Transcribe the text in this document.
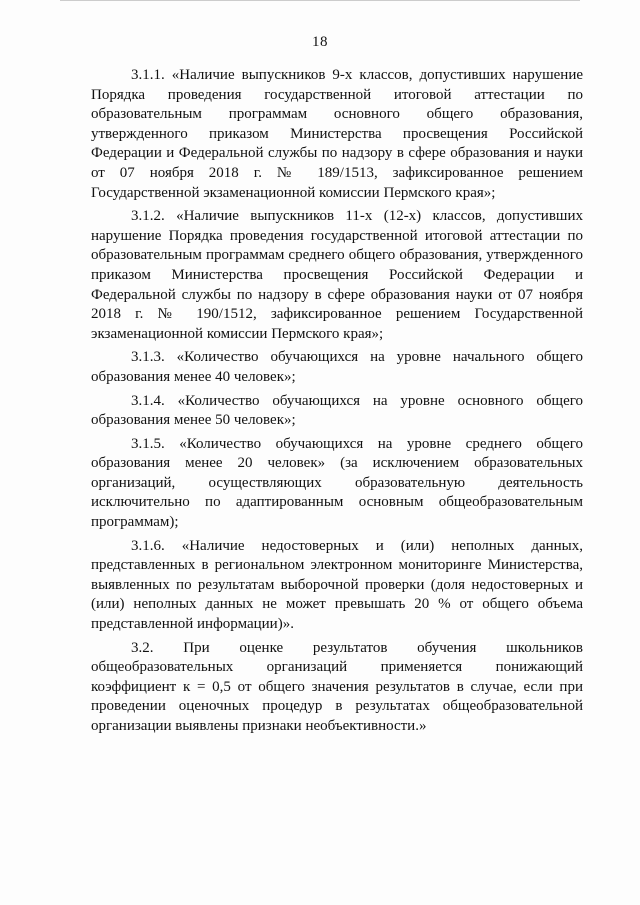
18

3.1.1. «Наличие выпускников 9-х классов, допустивших нарушение Порядка проведения государственной итоговой аттестации по образовательным программам основного общего образования, утвержденного приказом Министерства просвещения Российской Федерации и Федеральной службы по надзору в сфере образования и науки от 07 ноября 2018 г. № 189/1513, зафиксированное решением Государственной экзаменационной комиссии Пермского края»;

3.1.2. «Наличие выпускников 11-х (12-х) классов, допустивших нарушение Порядка проведения государственной итоговой аттестации по образовательным программам среднего общего образования, утвержденного приказом Министерства просвещения Российской Федерации и Федеральной службы по надзору в сфере образования науки от 07 ноября 2018 г. № 190/1512, зафиксированное решением Государственной экзаменационной комиссии Пермского края»;

3.1.3. «Количество обучающихся на уровне начального общего образования менее 40 человек»;

3.1.4. «Количество обучающихся на уровне основного общего образования менее 50 человек»;

3.1.5. «Количество обучающихся на уровне среднего общего образования менее 20 человек» (за исключением образовательных организаций, осуществляющих образовательную деятельность исключительно по адаптированным основным общеобразовательным программам);

3.1.6. «Наличие недостоверных и (или) неполных данных, представленных в региональном электронном мониторинге Министерства, выявленных по результатам выборочной проверки (доля недостоверных и (или) неполных данных не может превышать 20 % от общего объема представленной информации)».

3.2. При оценке результатов обучения школьников общеобразовательных организаций применяется понижающий коэффициент к = 0,5 от общего значения результатов в случае, если при проведении оценочных процедур в результатах общеобразовательной организации выявлены признаки необъективности.»
